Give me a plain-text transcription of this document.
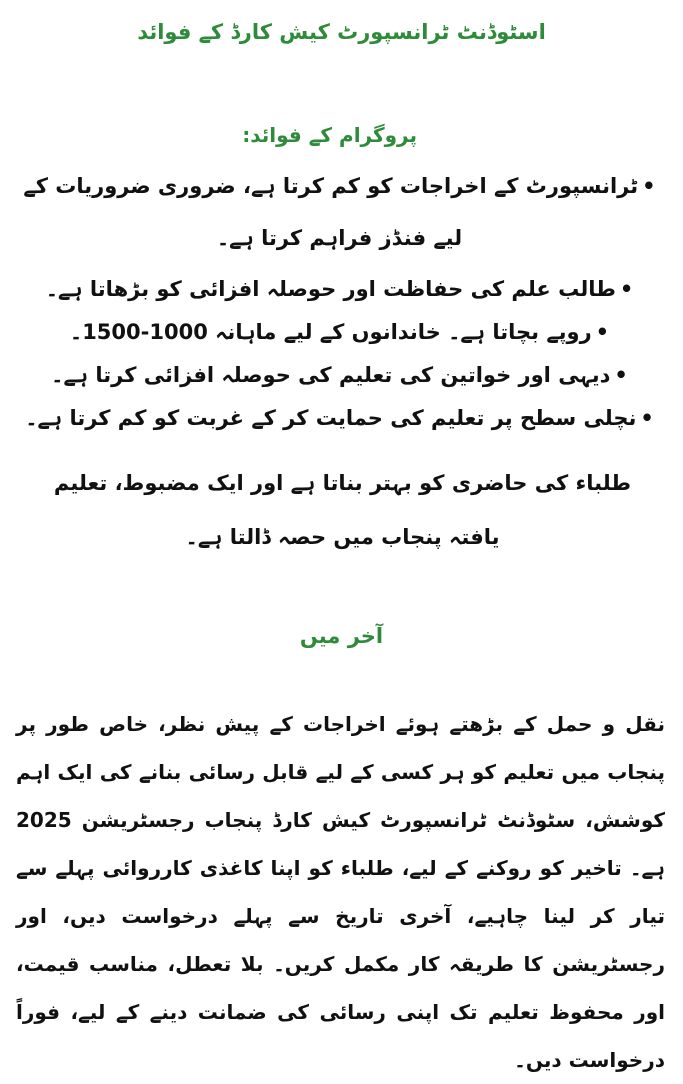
اسٹوڈنٹ ٹرانسپورٹ کیش کارڈ کے فوائد
پروگرام کے فوائد:
•ٹرانسپورٹ کے اخراجات کو کم کرتا ہے، ضروری ضروریات کے لیے فنڈز فراہم کرتا ہے۔
•طالب علم کی حفاظت اور حوصلہ افزائی کو بڑھاتا ہے۔
•روپے بچاتا ہے۔ خاندانوں کے لیے ماہانہ 1000-1500۔
•دیہی اور خواتین کی تعلیم کی حوصلہ افزائی کرتا ہے۔
•نچلی سطح پر تعلیم کی حمایت کر کے غربت کو کم کرتا ہے۔

طلباء کی حاضری کو بہتر بناتا ہے اور ایک مضبوط، تعلیم یافتہ پنجاب میں حصہ ڈالتا ہے۔

آخر میں

نقل و حمل کے بڑھتے ہوئے اخراجات کے پیش نظر، خاص طور پر پنجاب میں تعلیم کو ہر کسی کے لیے قابل رسائی بنانے کی ایک اہم کوشش، سٹوڈنٹ ٹرانسپورٹ کیش کارڈ پنجاب رجسٹریشن 2025 ہے۔ تاخیر کو روکنے کے لیے، طلباء کو اپنا کاغذی کارروائی پہلے سے تیار کر لینا چاہیے، آخری تاریخ سے پہلے درخواست دیں، اور رجسٹریشن کا طریقہ کار مکمل کریں۔ بلا تعطل، مناسب قیمت، اور محفوظ تعلیم تک اپنی رسائی کی ضمانت دینے کے لیے، فوراً درخواست دیں۔
